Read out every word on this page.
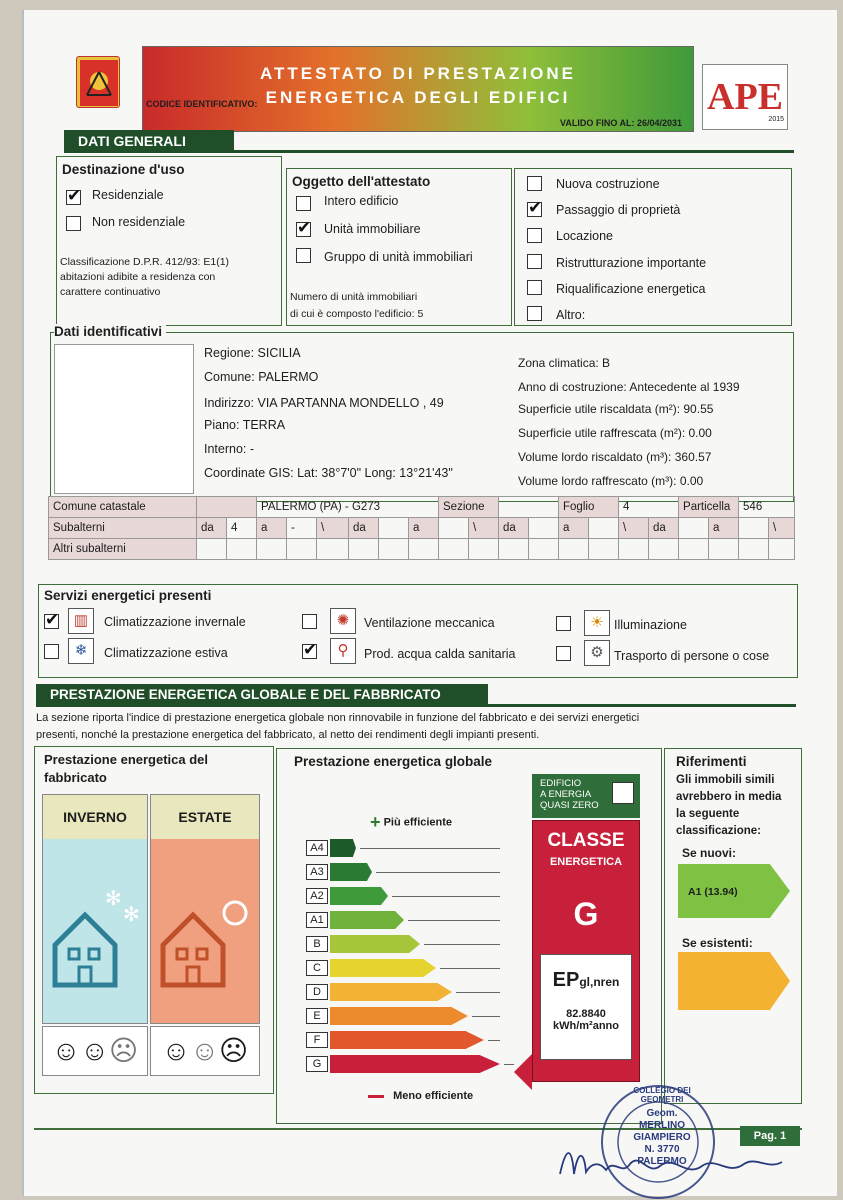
ATTESTATO DI PRESTAZIONE
ENERGETICA DEGLI EDIFICI
CODICE IDENTIFICATIVO:
VALIDO FINO AL: 26/04/2031
APE
2015
DATI GENERALI
Destinazione d'uso
✔
Residenziale
Non residenziale
Classificazione D.P.R. 412/93: E1(1)
abitazioni adibite a residenza con
carattere continuativo
Oggetto dell'attestato
Intero edificio
✔
Unità immobiliare
Gruppo di unità immobiliari
Numero di unità immobiliari
di cui è composto l'edificio: 5
Nuova costruzione
✔
Passaggio di proprietà
Locazione
Ristrutturazione importante
Riqualificazione energetica
Altro:
Dati identificativi
Regione: SICILIA
Comune: PALERMO
Indirizzo: VIA PARTANNA MONDELLO , 49
Piano: TERRA
Interno: -
Coordinate GIS: Lat: 38°7'0" Long: 13°21'43"
Zona climatica: B
Anno di costruzione: Antecedente al 1939
Superficie utile riscaldata (m²): 90.55
Superficie utile raffrescata (m²): 0.00
Volume lordo riscaldato (m³): 360.57
Volume lordo raffrescato (m³): 0.00
Comune catastale			PALERMO (PA) - G273						Sezione				Foglio		4		Particella		546	
Subalterni	da	4	a	-	\	da		a		\	da		a		\	da		a		\
Altri subalterni																				
Servizi energetici presenti
✔
▥	Climatizzazione invernale
❄	Climatizzazione estiva
✺	Ventilazione meccanica
✔
⚲	Prod. acqua calda sanitaria
☀ Illuminazione
⚙ Trasporto di persone o cose
PRESTAZIONE ENERGETICA GLOBALE E DEL FABBRICATO
La sezione riporta l'indice di prestazione energetica globale non rinnovabile in funzione del fabbricato e dei servizi energetici
presenti, nonché la prestazione energetica del fabbricato, al netto dei rendimenti degli impianti presenti.
Prestazione energetica del
fabbricato
INVERNO
✻
✻
ESTATE
☺☺☹ ☺☺☹
Prestazione energetica globale
+ Più efficiente
A4
A3
A2
A1
B
C
D
E
F
G
Meno efficiente
EDIFICIO
A ENERGIA
QUASI ZERO
CLASSE
ENERGETICA
G
EPgl,nren
82.8840
kWh/m²anno
Riferimenti
Gli immobili simili
avrebbero in media
la seguente
classificazione:
Se nuovi:
A1 (13.94)
Se esistenti:
Pag. 1
COLLEGIO DEI GEOMETRI
Geom.
MERLINO
GIAMPIERO
N. 3770
PALERMO
